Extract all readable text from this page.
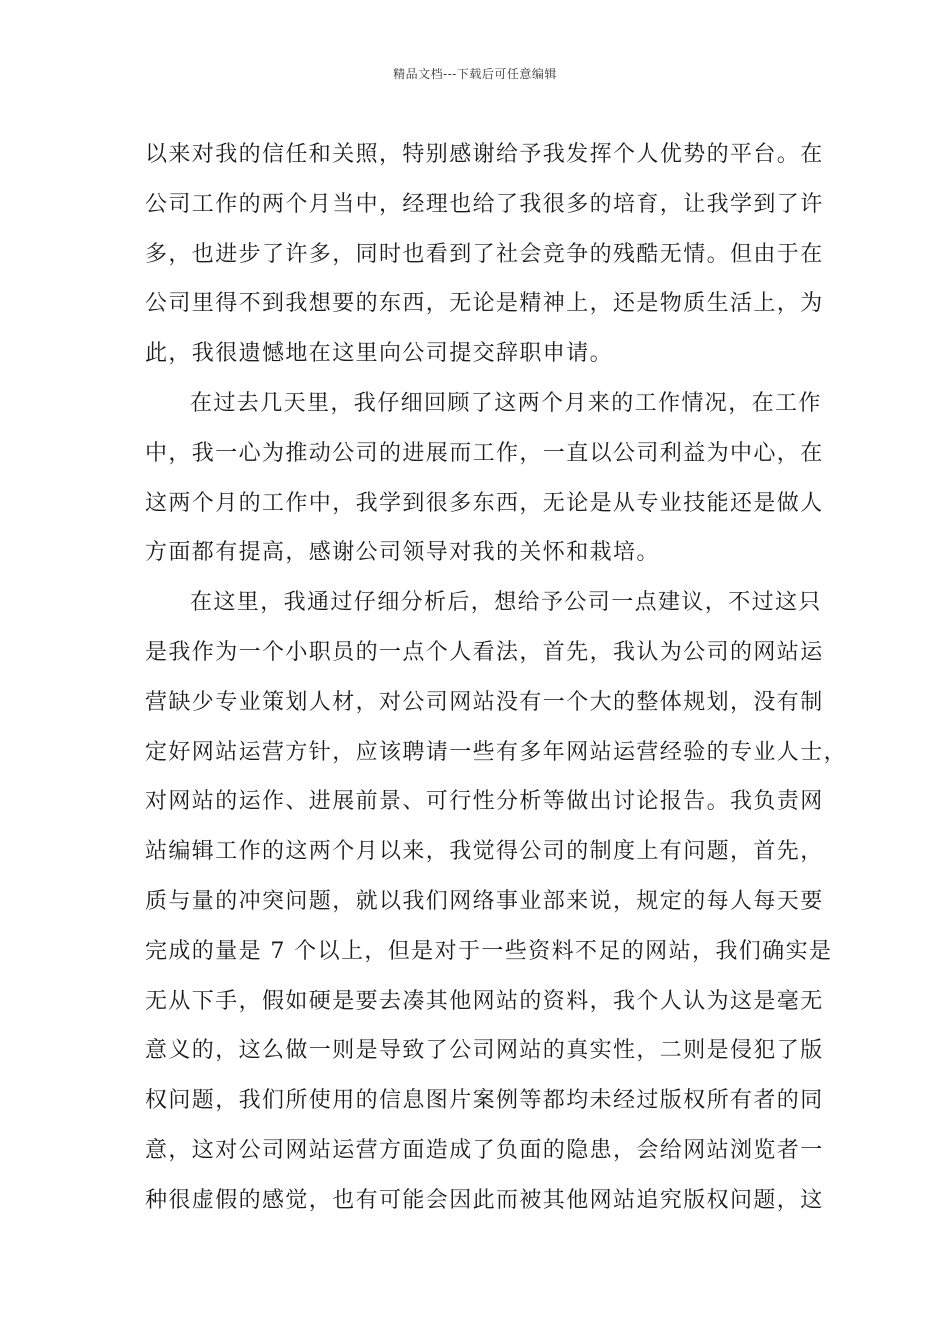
精品文档---下载后可任意编辑
以来对我的信任和关照，特别感谢给予我发挥个人优势的平台。在
公司工作的两个月当中，经理也给了我很多的培育，让我学到了许
多，也进步了许多，同时也看到了社会竞争的残酷无情。但由于在
公司里得不到我想要的东西，无论是精神上，还是物质生活上，为
此，我很遗憾地在这里向公司提交辞职申请。
在过去几天里，我仔细回顾了这两个月来的工作情况，在工作
中，我一心为推动公司的进展而工作，一直以公司利益为中心，在
这两个月的工作中，我学到很多东西，无论是从专业技能还是做人
方面都有提高，感谢公司领导对我的关怀和栽培。
在这里，我通过仔细分析后，想给予公司一点建议，不过这只
是我作为一个小职员的一点个人看法，首先，我认为公司的网站运
营缺少专业策划人材，对公司网站没有一个大的整体规划，没有制
定好网站运营方针，应该聘请一些有多年网站运营经验的专业人士，
对网站的运作、进展前景、可行性分析等做出讨论报告。我负责网
站编辑工作的这两个月以来，我觉得公司的制度上有问题，首先，
质与量的冲突问题，就以我们网络事业部来说，规定的每人每天要
完成的量是 7 个以上，但是对于一些资料不足的网站，我们确实是
无从下手，假如硬是要去凑其他网站的资料，我个人认为这是毫无
意义的，这么做一则是导致了公司网站的真实性，二则是侵犯了版
权问题，我们所使用的信息图片案例等都均未经过版权所有者的同
意，这对公司网站运营方面造成了负面的隐患，会给网站浏览者一
种很虚假的感觉，也有可能会因此而被其他网站追究版权问题，这
